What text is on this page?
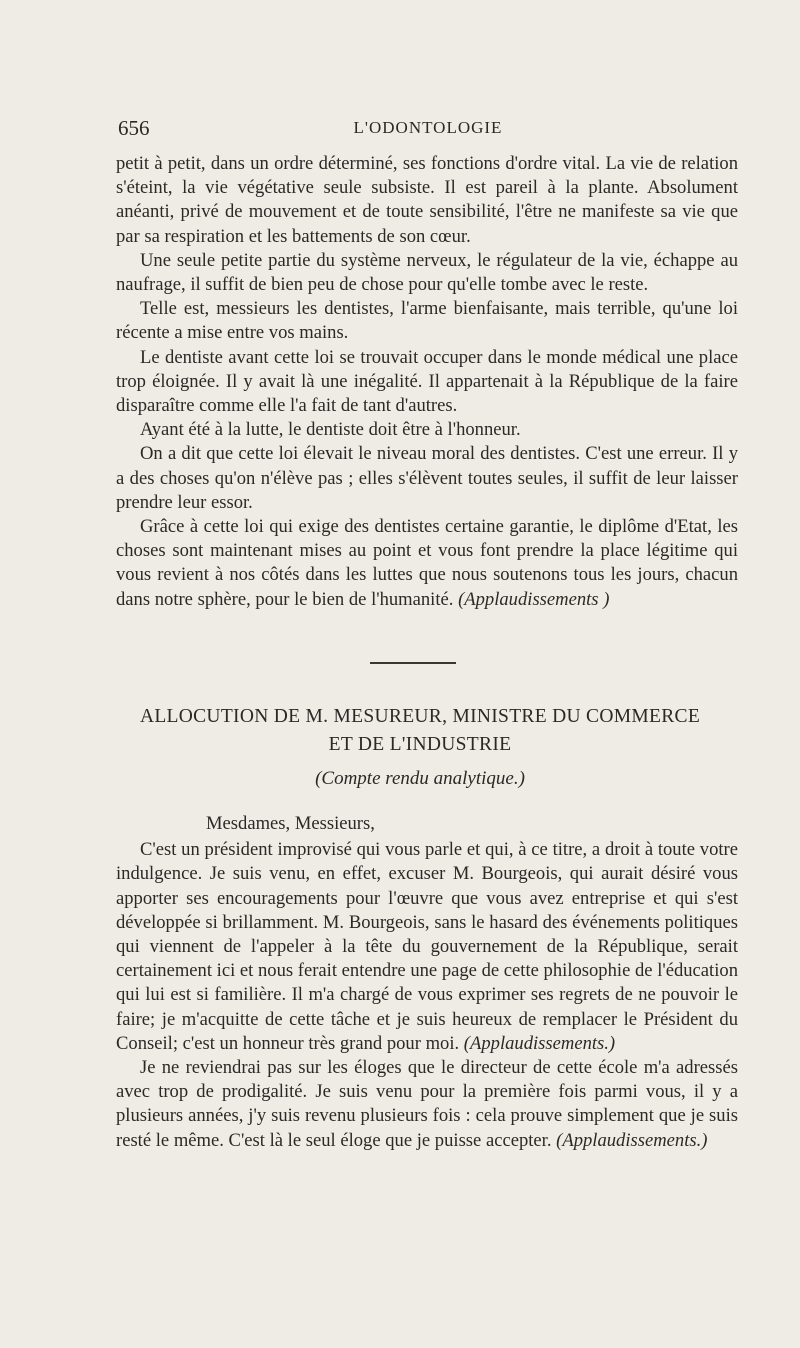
656	L'ODONTOLOGIE

petit à petit, dans un ordre déterminé, ses fonctions d'ordre vital. La vie de relation s'éteint, la vie végétative seule subsiste. Il est pareil à la plante. Absolument anéanti, privé de mouvement et de toute sensibilité, l'être ne manifeste sa vie que par sa respiration et les battements de son cœur.

Une seule petite partie du système nerveux, le régulateur de la vie, échappe au naufrage, il suffit de bien peu de chose pour qu'elle tombe avec le reste.

Telle est, messieurs les dentistes, l'arme bienfaisante, mais terrible, qu'une loi récente a mise entre vos mains.

Le dentiste avant cette loi se trouvait occuper dans le monde médical une place trop éloignée. Il y avait là une inégalité. Il appartenait à la République de la faire disparaître comme elle l'a fait de tant d'autres.

Ayant été à la lutte, le dentiste doit être à l'honneur.

On a dit que cette loi élevait le niveau moral des dentistes. C'est une erreur. Il y a des choses qu'on n'élève pas ; elles s'élèvent toutes seules, il suffit de leur laisser prendre leur essor.

Grâce à cette loi qui exige des dentistes certaine garantie, le diplôme d'Etat, les choses sont maintenant mises au point et vous font prendre la place légitime qui vous revient à nos côtés dans les luttes que nous soutenons tous les jours, chacun dans notre sphère, pour le bien de l'humanité. (Applaudissements )

ALLOCUTION DE M. MESUREUR, MINISTRE DU COMMERCE
ET DE L'INDUSTRIE
(Compte rendu analytique.)

Mesdames, Messieurs,

C'est un président improvisé qui vous parle et qui, à ce titre, a droit à toute votre indulgence. Je suis venu, en effet, excuser M. Bourgeois, qui aurait désiré vous apporter ses encouragements pour l'œuvre que vous avez entreprise et qui s'est développée si brillamment. M. Bourgeois, sans le hasard des événements politiques qui viennent de l'appeler à la tête du gouvernement de la République, serait certainement ici et nous ferait entendre une page de cette philosophie de l'éducation qui lui est si familière. Il m'a chargé de vous exprimer ses regrets de ne pouvoir le faire; je m'acquitte de cette tâche et je suis heureux de remplacer le Président du Conseil; c'est un honneur très grand pour moi. (Applaudissements.)

Je ne reviendrai pas sur les éloges que le directeur de cette école m'a adressés avec trop de prodigalité. Je suis venu pour la première fois parmi vous, il y a plusieurs années, j'y suis revenu plusieurs fois : cela prouve simplement que je suis resté le même. C'est là le seul éloge que je puisse accepter. (Applaudissements.)
